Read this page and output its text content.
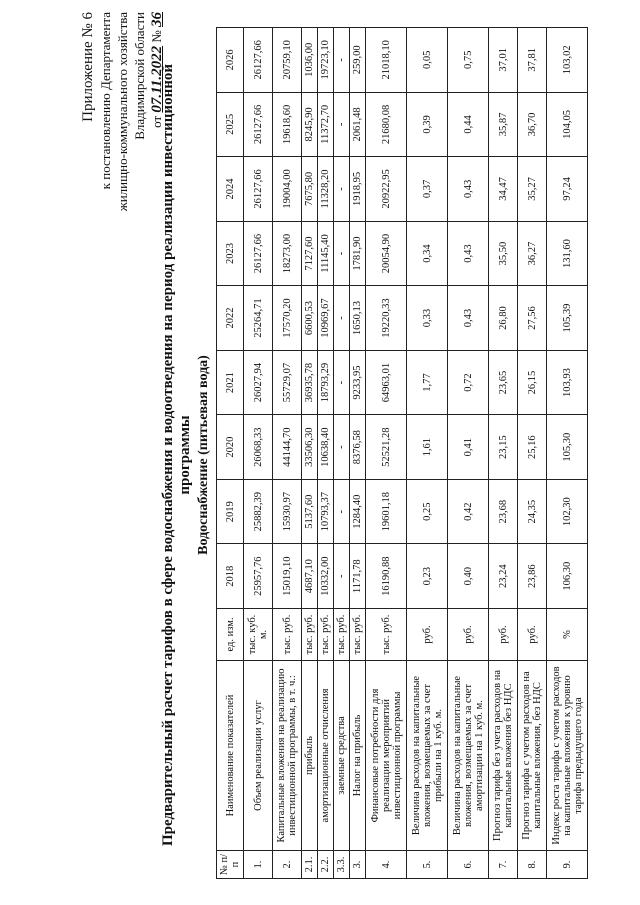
Приложение № 6 к постановлению Департамента жилищно-коммунального хозяйства Владимирской области от 07.11.2022 № 36
Предварительный расчет тарифов в сфере водоснабжения и водоотведения на период реализации инвестиционной программы Водоснабжение (питьевая вода)
№ п/п	Наименование показателей	ед. изм.	2018	2019	2020	2021	2022	2023	2024	2025	2026
1.	Объем реализации услуг	тыс. куб. м.	25957,76	25882,39	26068,33	26027,94	25264,71	26127,66	26127,66	26127,66	26127,66
2.	Капитальные вложения на реализацию инвестиционной программы, в т. ч.:	тыс. руб.	15019,10	15930,97	44144,70	55729,07	17570,20	18273,00	19004,00	19618,60	20759,10
2.1.	прибыль	тыс. руб.	4687,10	5137,60	33506,30	36935,78	6600,53	7127,60	7675,80	8245,90	1036,00
2.2.	амортизационные отчисления	тыс. руб.	10332,00	10793,37	10638,40	18793,29	10969,67	11145,40	11328,20	11372,70	19723,10
3.3.	заемные средства	тыс. руб.	-	-	-	-	-	-	-	-	-
3.	Налог на прибыль	тыс. руб.	1171,78	1284,40	8376,58	9233,95	1650,13	1781,90	1918,95	2061,48	259,00
4.	Финансовые потребности для реализации мероприятий инвестиционной программы	тыс. руб.	16190,88	19601,18	52521,28	64963,01	19220,33	20054,90	20922,95	21680,08	21018,10
5.	Величина расходов на капитальные вложения, возмещаемых за счет прибыли на 1 куб. м.	руб.	0,23	0,25	1,61	1,77	0,33	0,34	0,37	0,39	0,05
6.	Величина расходов на капитальные вложения, возмещаемых за счет амортизации на 1 куб. м.	руб.	0,40	0,42	0,41	0,72	0,43	0,43	0,43	0,44	0,75
7.	Прогноз тарифа без учета расходов на капитальные вложения без НДС	руб.	23,24	23,68	23,15	23,65	26,80	35,50	34,47	35,87	37,01
8.	Прогноз тарифа с учетом расходов на капитальные вложения, без НДС	руб.	23,86	24,35	25,16	26,15	27,56	36,27	35,27	36,70	37,81
9.	Индекс роста тарифа с учетом расходов на капитальные вложения к уровню тарифа предыдущего года	%	106,30	102,30	105,30	103,93	105,39	131,60	97,24	104,05	103,02
